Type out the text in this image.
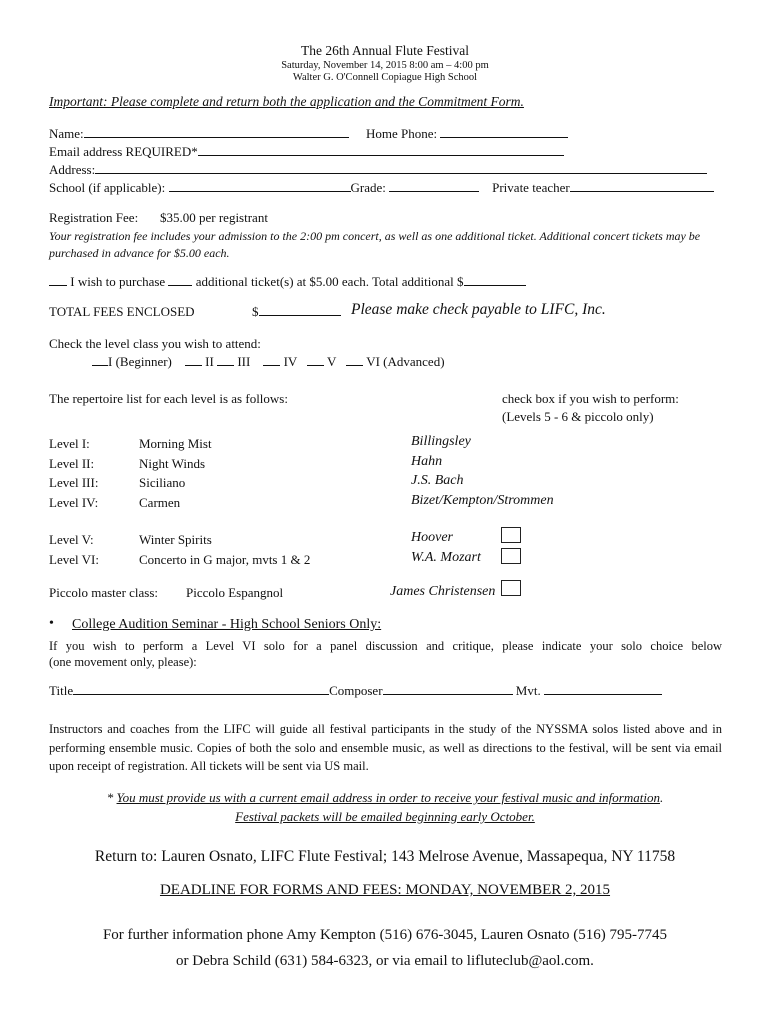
The 26th Annual Flute Festival
Saturday, November 14, 2015 8:00 am – 4:00 pm
Walter G. O'Connell Copiague High School
Important: Please complete and return both the application and the Commitment Form.
Name:	Home Phone:
Email address REQUIRED*
Address:
School (if applicable):	Grade:	Private teacher
Registration Fee: $35.00 per registrant
Your registration fee includes your admission to the 2:00 pm concert, as well as one additional ticket. Additional concert tickets may be
purchased in advance for $5.00 each.
I wish to purchase additional ticket(s) at $5.00 each. Total additional $
TOTAL FEES ENCLOSED	$	Please make check payable to LIFC, Inc.
Check the level class you wish to attend:
I (Beginner)	II III	IV V VI (Advanced)
The repertoire list for each level is as follows:	check box if you wish to perform:
(Levels 5 - 6 & piccolo only)
Level I:	Morning Mist	Billingsley
Level II:	Night Winds	Hahn
Level III:	Siciliano	J.S. Bach
Level IV:	Carmen	Bizet/Kempton/Strommen
Level V:	Winter Spirits	Hoover
Level VI:	Concerto in G major, mvts 1 & 2	W.A. Mozart
Piccolo master class: Piccolo Espangnol	James Christensen
• College Audition Seminar - High School Seniors Only:
If you wish to perform a Level VI solo for a panel discussion and critique, please indicate your solo choice below
(one movement only, please):
Title	Composer	Mvt.
Instructors and coaches from the LIFC will guide all festival participants in the study of the NYSSMA solos listed above and in performing ensemble music. Copies of both the solo and ensemble music, as well as directions to the festival, will be sent via email upon receipt of registration. All tickets will be sent via US mail.
* You must provide us with a current email address in order to receive your festival music and information.
Festival packets will be emailed beginning early October.
Return to: Lauren Osnato, LIFC Flute Festival; 143 Melrose Avenue, Massapequa, NY 11758
DEADLINE FOR FORMS AND FEES: MONDAY, NOVEMBER 2, 2015
For further information phone Amy Kempton (516) 676-3045, Lauren Osnato (516) 795-7745
or Debra Schild (631) 584-6323, or via email to lifluteclub@aol.com.
